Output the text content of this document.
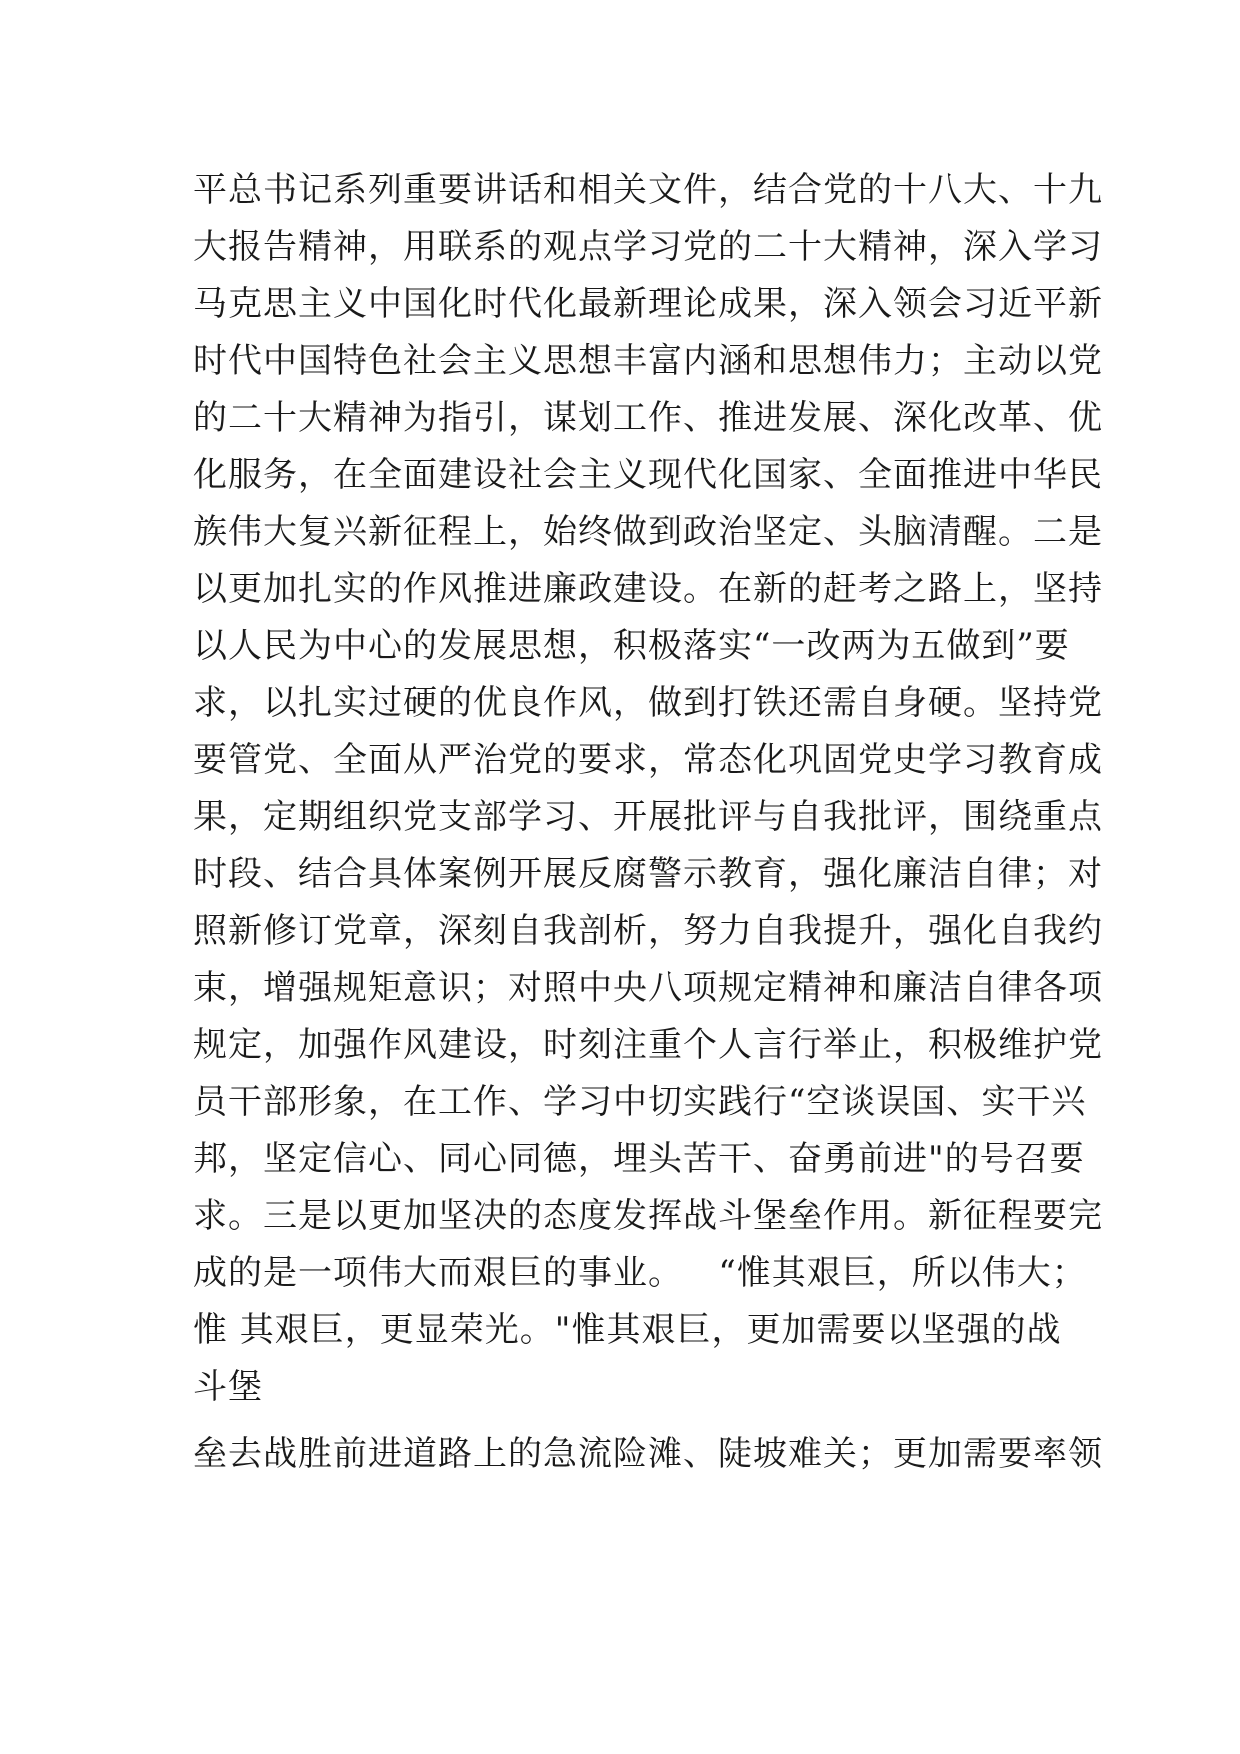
平总书记系列重要讲话和相关文件，结合党的十八大、十九
大报告精神，用联系的观点学习党的二十大精神，深入学习
马克思主义中国化时代化最新理论成果，深入领会习近平新
时代中国特色社会主义思想丰富内涵和思想伟力；主动以党
的二十大精神为指引，谋划工作、推进发展、深化改革、优
化服务，在全面建设社会主义现代化国家、全面推进中华民
族伟大复兴新征程上，始终做到政治坚定、头脑清醒。二是
以更加扎实的作风推进廉政建设。在新的赶考之路上，坚持
以人民为中心的发展思想，积极落实“一改两为五做到”要
求，以扎实过硬的优良作风，做到打铁还需自身硬。坚持党
要管党、全面从严治党的要求，常态化巩固党史学习教育成
果，定期组织党支部学习、开展批评与自我批评，围绕重点
时段、结合具体案例开展反腐警示教育，强化廉洁自律；对
照新修订党章，深刻自我剖析，努力自我提升，强化自我约
束，增强规矩意识；对照中央八项规定精神和廉洁自律各项
规定，加强作风建设，时刻注重个人言行举止，积极维护党
员干部形象，在工作、学习中切实践行“空谈误国、实干兴
邦，坚定信心、同心同德，埋头苦干、奋勇前进"的号召要
求。三是以更加坚决的态度发挥战斗堡垒作用。新征程要完
成的是一项伟大而艰巨的事业。   “惟其艰巨，所以伟大；
惟 其艰巨，更显荣光。"惟其艰巨，更加需要以坚强的战
斗堡
垒去战胜前进道路上的急流险滩、陡坡难关；更加需要率领
